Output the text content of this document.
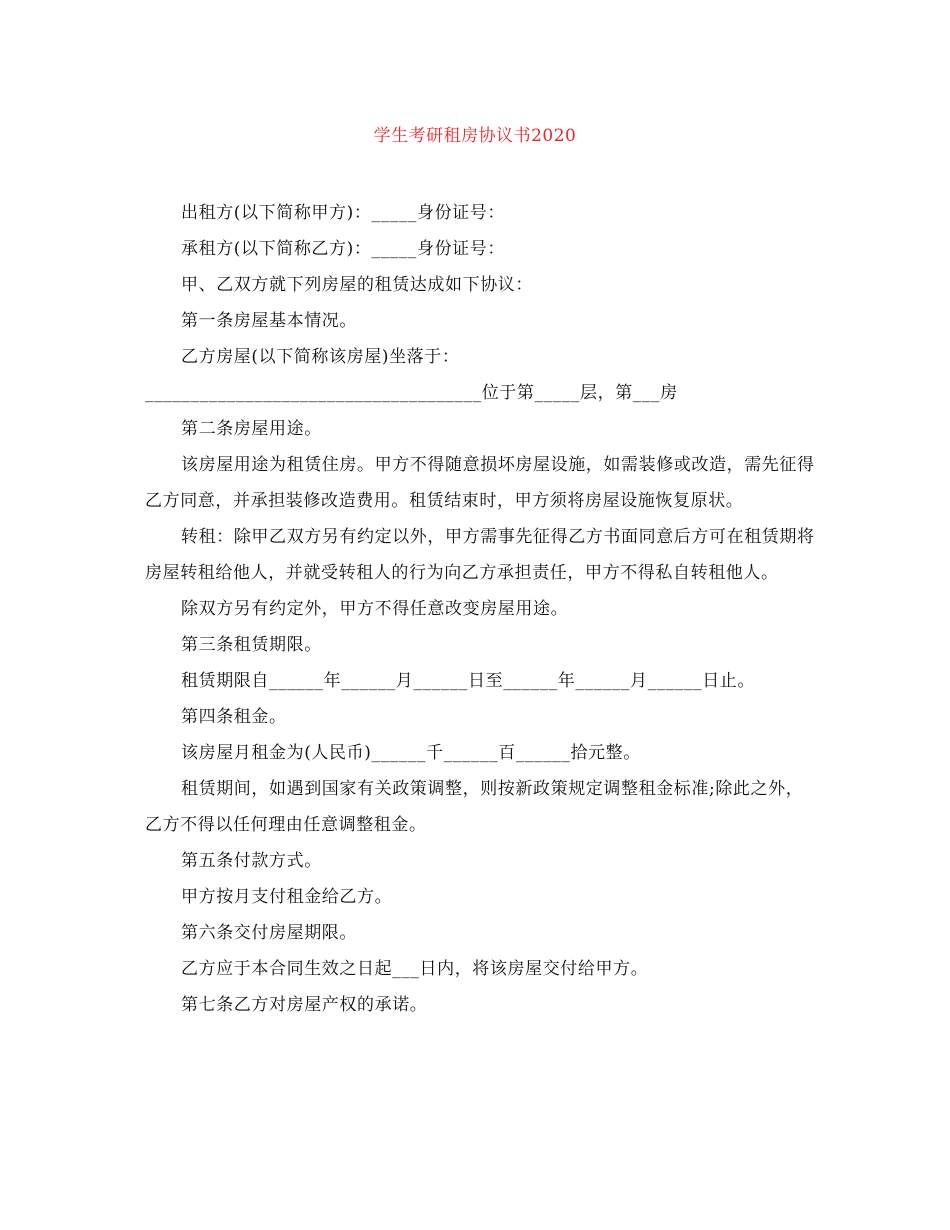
学生考研租房协议书2020

出租方(以下简称甲方)：_____身份证号：

承租方(以下简称乙方)：_____身份证号：

甲、乙双方就下列房屋的租赁达成如下协议：

第一条房屋基本情况。

乙方房屋(以下简称该房屋)坐落于：

_____________________________________位于第_____层，第___房

第二条房屋用途。

该房屋用途为租赁住房。甲方不得随意损坏房屋设施，如需装修或改造，需先征得乙方同意，并承担装修改造费用。租赁结束时，甲方须将房屋设施恢复原状。

转租：除甲乙双方另有约定以外，甲方需事先征得乙方书面同意后方可在租赁期将房屋转租给他人，并就受转租人的行为向乙方承担责任，甲方不得私自转租他人。

除双方另有约定外，甲方不得任意改变房屋用途。

第三条租赁期限。

租赁期限自______年______月______日至______年______月______日止。

第四条租金。

该房屋月租金为(人民币)______千______百______拾元整。

租赁期间，如遇到国家有关政策调整，则按新政策规定调整租金标准;除此之外，乙方不得以任何理由任意调整租金。

第五条付款方式。

甲方按月支付租金给乙方。

第六条交付房屋期限。

乙方应于本合同生效之日起___日内，将该房屋交付给甲方。

第七条乙方对房屋产权的承诺。
